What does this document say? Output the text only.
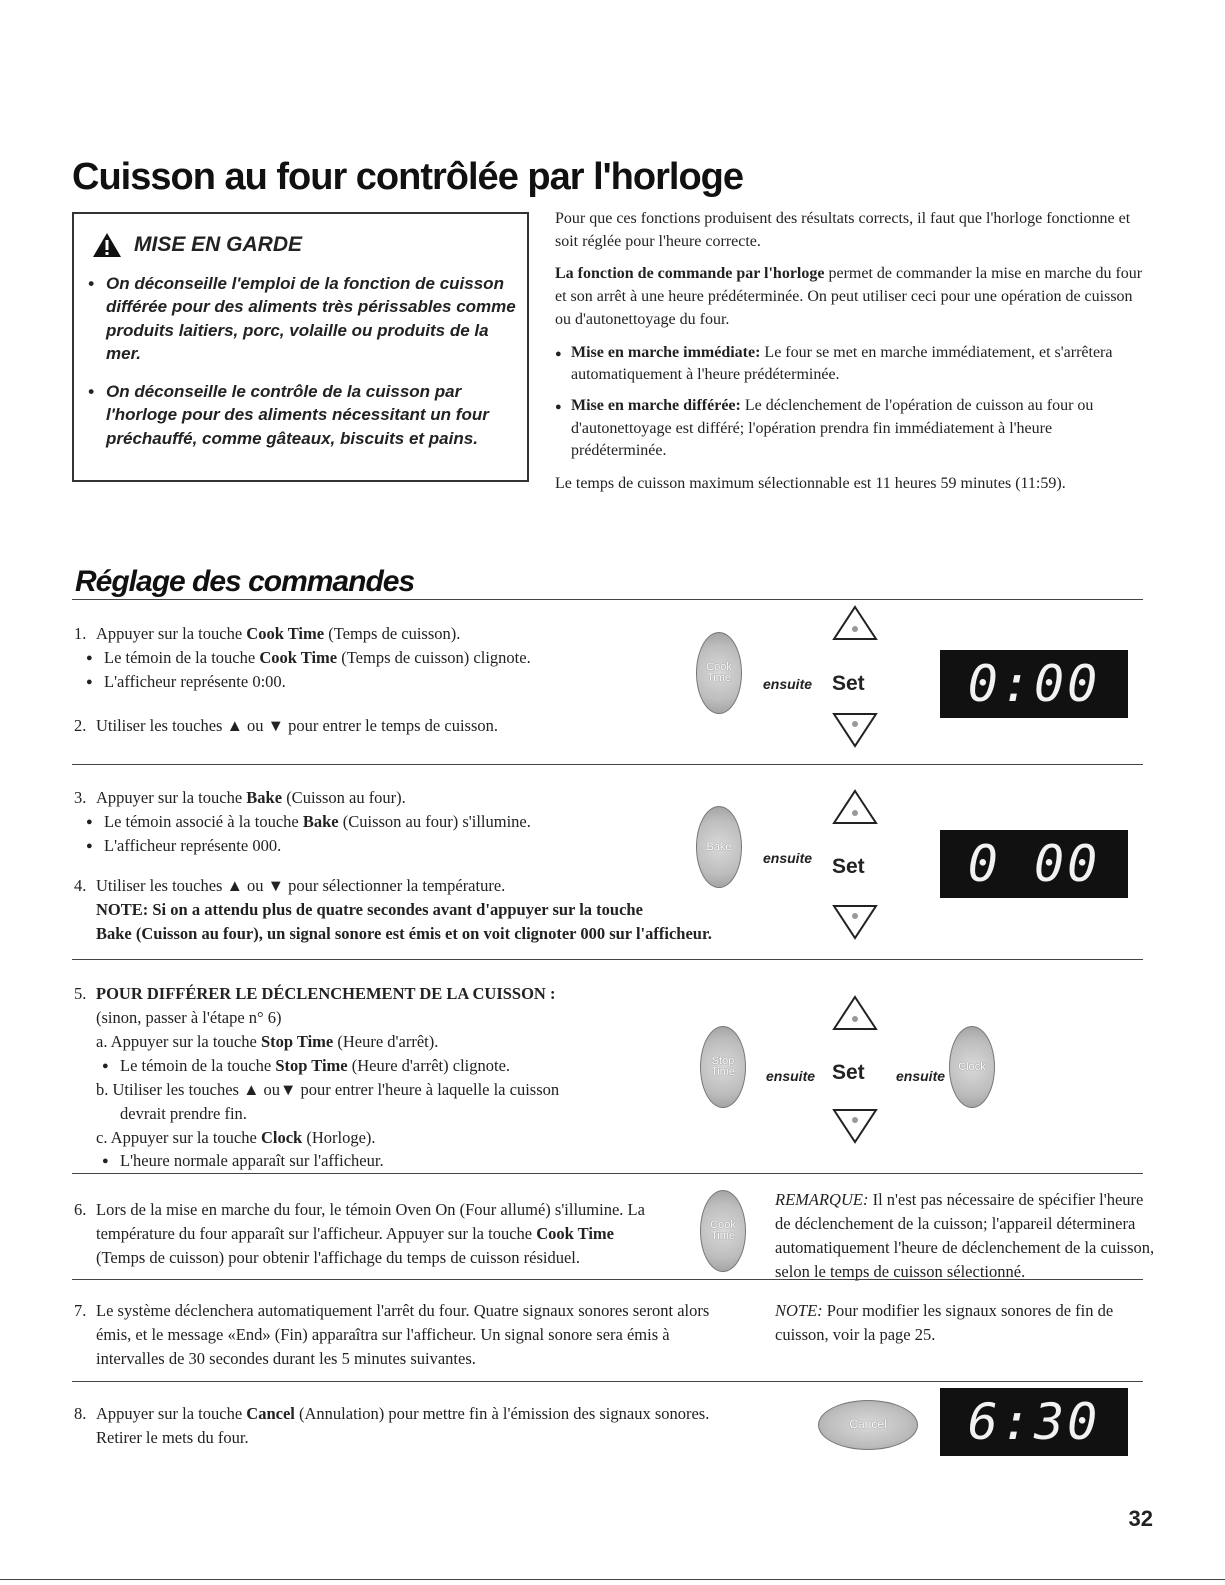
Cuisson au four contrôlée par l'horloge
MISE EN GARDE
• On déconseille l'emploi de la fonction de cuisson différée pour des aliments très périssables comme produits laitiers, porc, volaille ou produits de la mer.
• On déconseille le contrôle de la cuisson par l'horloge pour des aliments nécessitant un four préchauffé, comme gâteaux, biscuits et pains.

Pour que ces fonctions produisent des résultats corrects, il faut que l'horloge fonctionne et soit réglée pour l'heure correcte.

La fonction de commande par l'horloge permet de commander la mise en marche du four et son arrêt à une heure prédéterminée. On peut utiliser ceci pour une opération de cuisson ou d'autonettoyage du four.

● Mise en marche immédiate: Le four se met en marche immédiatement, et s'arrêtera automatiquement à l'heure prédéterminée.
● Mise en marche différée: Le déclenchement de l'opération de cuisson au four ou d'autonettoyage est différé; l'opération prendra fin immédiatement à l'heure prédéterminée.

Le temps de cuisson maximum sélectionnable est 11 heures 59 minutes (11:59).

Réglage des commandes
1. Appuyer sur la touche Cook Time (Temps de cuisson).
● Le témoin de la touche Cook Time (Temps de cuisson) clignote.
● L'afficheur représente 0:00.
2. Utiliser les touches ▲ ou ▼ pour entrer le temps de cuisson.
Cook Time	ensuite Set	0:00
3. Appuyer sur la touche Bake (Cuisson au four).
● Le témoin associé à la touche Bake (Cuisson au four) s'illumine.
● L'afficheur représente 000.
4. Utiliser les touches ▲ ou ▼ pour sélectionner la température.
NOTE: Si on a attendu plus de quatre secondes avant d'appuyer sur la touche
Bake (Cuisson au four), un signal sonore est émis et on voit clignoter 000 sur l'afficheur.
Bake
ensuite Set	0 00
5. POUR DIFFÉRER LE DÉCLENCHEMENT DE LA CUISSON :
(sinon, passer à l'étape n° 6)
a. Appuyer sur la touche Stop Time (Heure d'arrêt).
● Le témoin de la touche Stop Time (Heure d'arrêt) clignote.
b. Utiliser les touches ▲ ou▼ pour entrer l'heure à laquelle la cuisson
devrait prendre fin.
c. Appuyer sur la touche Clock (Horloge).
● L'heure normale apparaît sur l'afficheur.
Stop Time	ensuite Set ensuite
Clock
6. Lors de la mise en marche du four, le témoin Oven On (Four allumé) s'illumine. La
température du four apparaît sur l'afficheur. Appuyer sur la touche Cook Time
(Temps de cuisson) pour obtenir l'affichage du temps de cuisson résiduel.
Cook Time
REMARQUE: Il n'est pas nécessaire de spécifier l'heure de déclenchement de la cuisson; l'appareil déterminera automatiquement l'heure de déclenchement de la cuisson, selon le temps de cuisson sélectionné.
7. Le système déclenchera automatiquement l'arrêt du four. Quatre signaux sonores seront alors
émis, et le message «End» (Fin) apparaîtra sur l'afficheur. Un signal sonore sera émis à
intervalles de 30 secondes durant les 5 minutes suivantes.
NOTE: Pour modifier les signaux sonores de fin de cuisson, voir la page 25.
8. Appuyer sur la touche Cancel (Annulation) pour mettre fin à l'émission des signaux sonores.
Retirer le mets du four.
Cancel	6:30
32
